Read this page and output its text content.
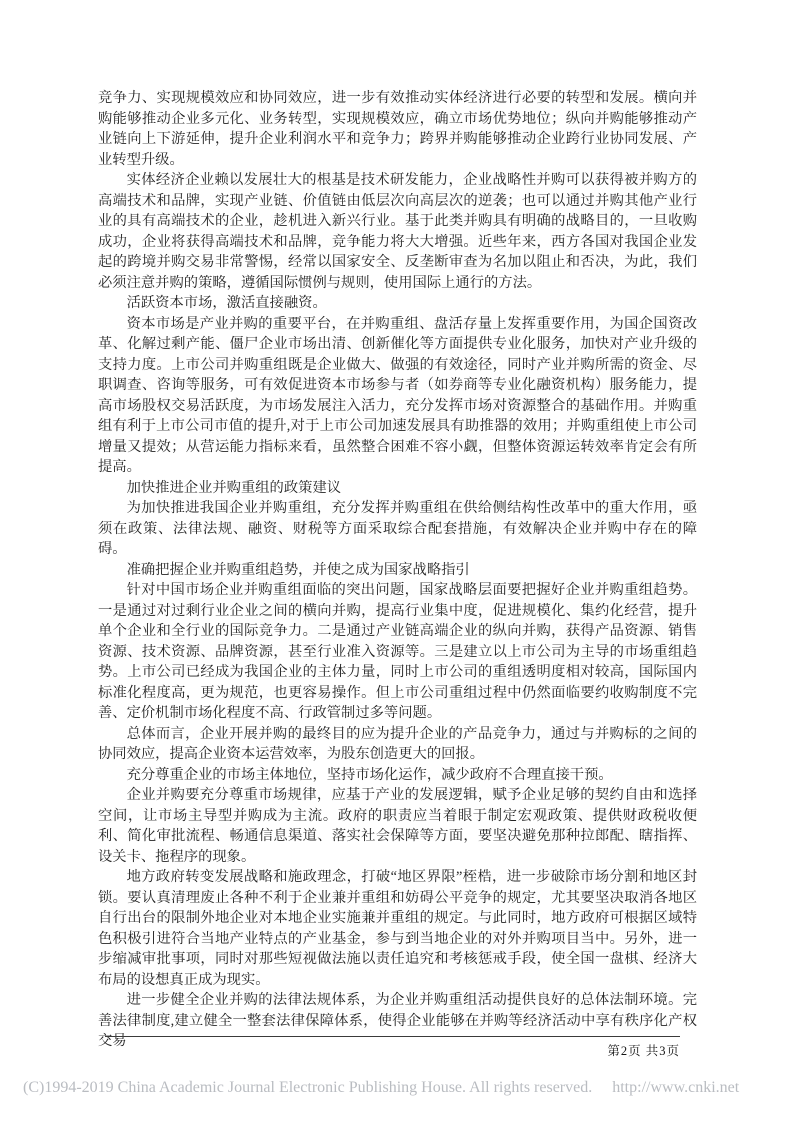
竞争力、实现规模效应和协同效应，进一步有效推动实体经济进行必要的转型和发展。横向并购能够推动企业多元化、业务转型，实现规模效应，确立市场优势地位；纵向并购能够推动产业链向上下游延伸，提升企业利润水平和竞争力；跨界并购能够推动企业跨行业协同发展、产业转型升级。

实体经济企业赖以发展壮大的根基是技术研发能力，企业战略性并购可以获得被并购方的高端技术和品牌，实现产业链、价值链由低层次向高层次的逆袭；也可以通过并购其他产业行业的具有高端技术的企业，趁机进入新兴行业。基于此类并购具有明确的战略目的，一旦收购成功，企业将获得高端技术和品牌，竞争能力将大大增强。近些年来，西方各国对我国企业发起的跨境并购交易非常警惕，经常以国家安全、反垄断审查为名加以阻止和否决，为此，我们必须注意并购的策略，遵循国际惯例与规则，使用国际上通行的方法。

活跃资本市场，激活直接融资。

资本市场是产业并购的重要平台，在并购重组、盘活存量上发挥重要作用，为国企国资改革、化解过剩产能、僵尸企业市场出清、创新催化等方面提供专业化服务，加快对产业升级的支持力度。上市公司并购重组既是企业做大、做强的有效途径，同时产业并购所需的资金、尽职调查、咨询等服务，可有效促进资本市场参与者（如券商等专业化融资机构）服务能力，提高市场股权交易活跃度，为市场发展注入活力，充分发挥市场对资源整合的基础作用。并购重组有利于上市公司市值的提升,对于上市公司加速发展具有助推器的效用；并购重组使上市公司增量又提效；从营运能力指标来看，虽然整合困难不容小觑，但整体资源运转效率肯定会有所提高。

加快推进企业并购重组的政策建议

为加快推进我国企业并购重组，充分发挥并购重组在供给侧结构性改革中的重大作用，亟须在政策、法律法规、融资、财税等方面采取综合配套措施，有效解决企业并购中存在的障碍。

准确把握企业并购重组趋势，并使之成为国家战略指引

针对中国市场企业并购重组面临的突出问题，国家战略层面要把握好企业并购重组趋势。一是通过对过剩行业企业之间的横向并购，提高行业集中度，促进规模化、集约化经营，提升单个企业和全行业的国际竞争力。二是通过产业链高端企业的纵向并购，获得产品资源、销售资源、技术资源、品牌资源，甚至行业准入资源等。三是建立以上市公司为主导的市场重组趋势。上市公司已经成为我国企业的主体力量，同时上市公司的重组透明度相对较高，国际国内标准化程度高，更为规范，也更容易操作。但上市公司重组过程中仍然面临要约收购制度不完善、定价机制市场化程度不高、行政管制过多等问题。

总体而言，企业开展并购的最终目的应为提升企业的产品竞争力，通过与并购标的之间的协同效应，提高企业资本运营效率，为股东创造更大的回报。

充分尊重企业的市场主体地位，坚持市场化运作，减少政府不合理直接干预。

企业并购要充分尊重市场规律，应基于产业的发展逻辑，赋予企业足够的契约自由和选择空间，让市场主导型并购成为主流。政府的职责应当着眼于制定宏观政策、提供财政税收便利、简化审批流程、畅通信息渠道、落实社会保障等方面，要坚决避免那种拉郎配、瞎指挥、设关卡、拖程序的现象。

地方政府转变发展战略和施政理念，打破“地区界限”桎梏，进一步破除市场分割和地区封锁。要认真清理废止各种不利于企业兼并重组和妨碍公平竞争的规定，尤其要坚决取消各地区自行出台的限制外地企业对本地企业实施兼并重组的规定。与此同时，地方政府可根据区域特色积极引进符合当地产业特点的产业基金，参与到当地企业的对外并购项目当中。另外，进一步缩减审批事项，同时对那些短视做法施以责任追究和考核惩戒手段，使全国一盘棋、经济大布局的设想真正成为现实。

进一步健全企业并购的法律法规体系，为企业并购重组活动提供良好的总体法制环境。完善法律制度,建立健全一整套法律保障体系，使得企业能够在并购等经济活动中享有秩序化产权交易

第2页 共3页
(C)1994-2019 China Academic Journal Electronic Publishing House. All rights reserved. http://www.cnki.net
